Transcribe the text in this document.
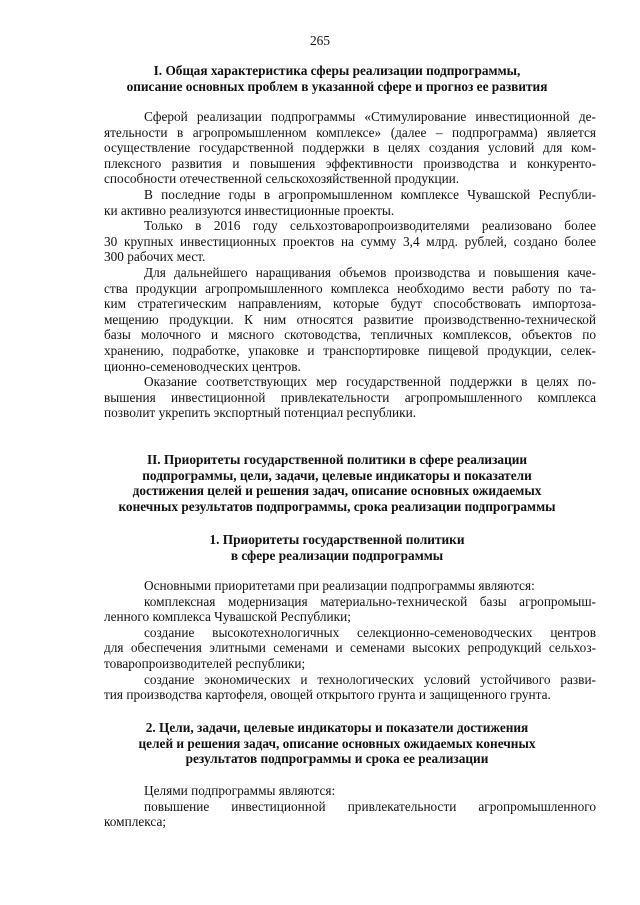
265
I. Общая характеристика сферы реализации подпрограммы,
описание основных проблем в указанной сфере и прогноз ее развития
Сферой реализации подпрограммы «Стимулирование инвестиционной де-
ятельности в агропромышленном комплексе» (далее – подпрограмма) является
осуществление государственной поддержки в целях создания условий для ком-
плексного развития и повышения эффективности производства и конкуренто-
способности отечественной сельскохозяйственной продукции.
В последние годы в агропромышленном комплексе Чувашской Республи-
ки активно реализуются инвестиционные проекты.
Только в 2016 году сельхозтоваропроизводителями реализовано более
30 крупных инвестиционных проектов на сумму 3,4 млрд. рублей, создано более
300 рабочих мест.
Для дальнейшего наращивания объемов производства и повышения каче-
ства продукции агропромышленного комплекса необходимо вести работу по та-
ким стратегическим направлениям, которые будут способствовать импортоза-
мещению продукции. К ним относятся развитие производственно-технической
базы молочного и мясного скотоводства, тепличных комплексов, объектов по
хранению, подработке, упаковке и транспортировке пищевой продукции, селек-
ционно-семеноводческих центров.
Оказание соответствующих мер государственной поддержки в целях по-
вышения инвестиционной привлекательности агропромышленного комплекса
позволит укрепить экспортный потенциал республики.
II. Приоритеты государственной политики в сфере реализации
подпрограммы, цели, задачи, целевые индикаторы и показатели
достижения целей и решения задач, описание основных ожидаемых
конечных результатов подпрограммы, срока реализации подпрограммы
1. Приоритеты государственной политики
в сфере реализации подпрограммы
Основными приоритетами при реализации подпрограммы являются:
комплексная модернизация материально-технической базы агропромыш-
ленного комплекса Чувашской Республики;
создание высокотехнологичных селекционно-семеноводческих центров
для обеспечения элитными семенами и семенами высоких репродукций сельхоз-
товаропроизводителей республики;
создание экономических и технологических условий устойчивого разви-
тия производства картофеля, овощей открытого грунта и защищенного грунта.
2. Цели, задачи, целевые индикаторы и показатели достижения
целей и решения задач, описание основных ожидаемых конечных
результатов подпрограммы и срока ее реализации
Целями подпрограммы являются:
повышение инвестиционной привлекательности агропромышленного
комплекса;
